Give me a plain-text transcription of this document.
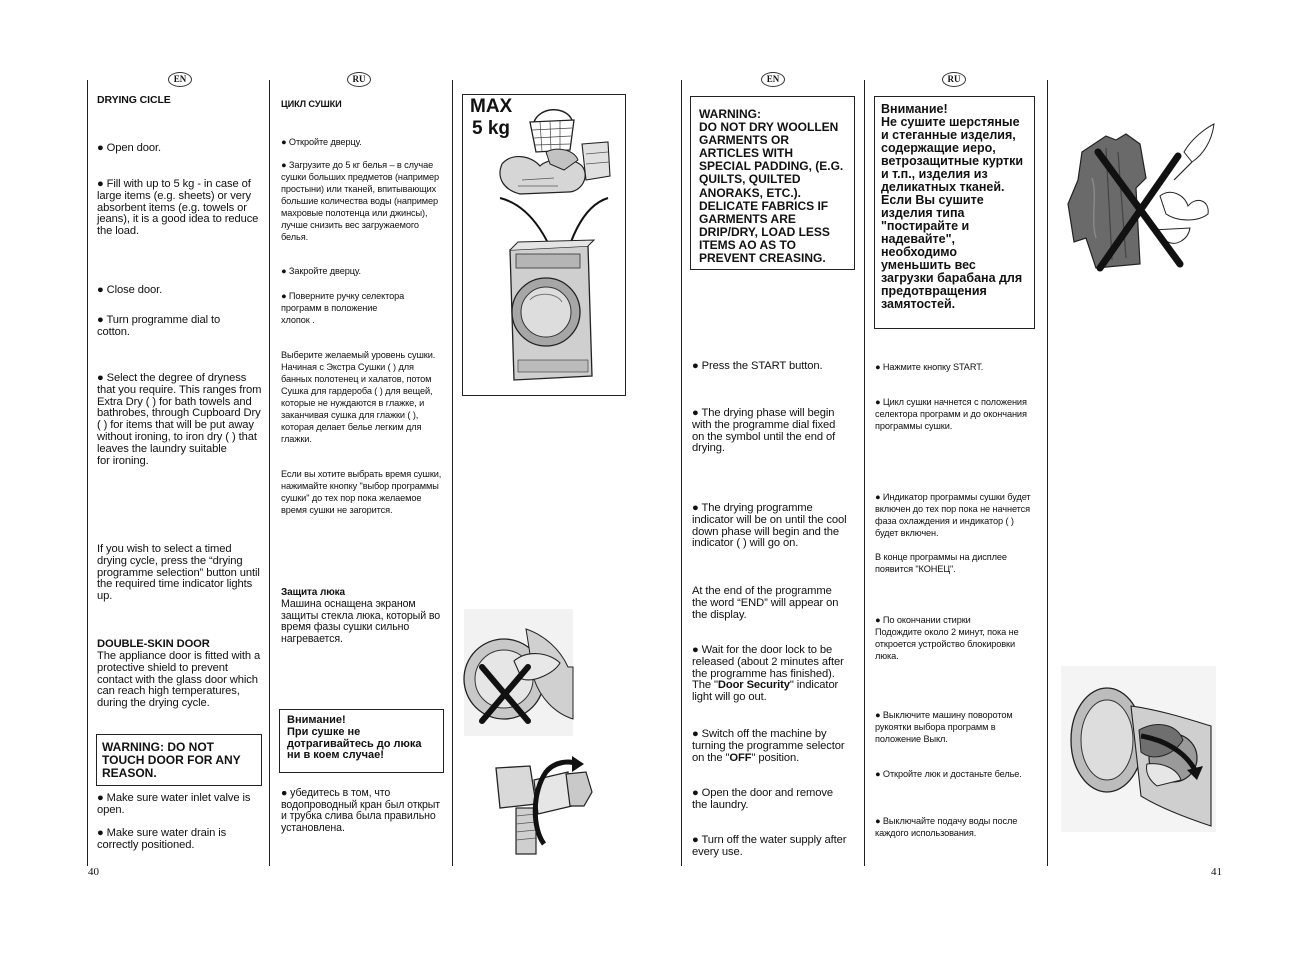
EN
DRYING CICLE
● Open door.
● Fill with up to 5 kg - in case of large items (e.g. sheets) or very absorbent items (e.g. towels or jeans), it is a good idea to reduce the load.
● Close door.
● Turn programme dial to
cotton.
● Select the degree of dryness that you require. This ranges from Extra Dry ( ) for bath towels and bathrobes, through Cupboard Dry ( ) for items that will be put away without ironing, to iron dry ( ) that leaves the laundry suitable
for ironing.
If you wish to select a timed drying cycle, press the “drying programme selection” button until the required time indicator lights up.
DOUBLE-SKIN DOOR
The appliance door is fitted with a protective shield to prevent contact with the glass door which can reach high temperatures, during the drying cycle.
WARNING: DO NOT TOUCH DOOR FOR ANY REASON.
● Make sure water inlet valve is open.
● Make sure water drain is correctly positioned.
40
RU
ЦИКЛ СУШКИ
● Откройте дверцу.
● Загрузите до 5 кг белья – в случае сушки больших предметов (например простыни) или тканей, впитывающих большие количества воды (например махровые полотенца или джинсы), лучше снизить вес загружаемого белья.
● Закройте дверцу.
● Поверните ручку селектора программ в положение
хлопок .
Выберите желаемый уровень сушки.
Начиная с Экстра Сушки ( ) для банных полотенец и халатов, потом Сушка для гардероба ( ) для вещей, которые не нуждаются в глажке, и заканчивая сушка для глажки ( ), которая делает белье легким для глажки.
Если вы хотите выбрать время сушки, нажимайте кнопку "выбор программы сушки" до тех пор пока желаемое время сушки не загорится.
Защита люка
Машина оснащена экраном защиты стекла люка, который во время фазы сушки сильно нагревается.
Внимание!
При сушке не дотрагивайтесь до люка ни в коем случае!
● убедитесь в том, что водопроводный кран был открыт и трубка слива была правильно установлена.
MAX
5 kg
EN
WARNING:
DO NOT DRY WOOLLEN GARMENTS OR ARTICLES WITH SPECIAL PADDING, (E.G. QUILTS, QUILTED ANORAKS, ETC.). DELICATE FABRICS IF GARMENTS ARE DRIP/DRY, LOAD LESS ITEMS AO AS TO PREVENT CREASING.
● Press the START button.
● The drying phase will begin with the programme dial fixed on the symbol until the end of drying.
● The drying programme indicator will be on until the cool down phase will begin and the indicator ( ) will go on.
At the end of the programme the word “END” will appear on the display.
● Wait for the door lock to be released (about 2 minutes after the programme has finished). The "Door Security" indicator light will go out.
● Switch off the machine by turning the programme selector on the "OFF" position.
● Open the door and remove the laundry.
● Turn off the water supply after every use.
RU
Внимание!
Не сушите шерстяные и стеганные изделия, содержащие иеро, ветрозащитные куртки и т.п., изделия из деликатных тканей. Если Вы сушите изделия типа "постирайте и надевайте", необходимо уменьшить вес загрузки барабана для предотвращения замятостей.
● Нажмите кнопку START.
● Цикл сушки начнется с положения селектора программ и до окончания программы сушки.
● Индикатор программы сушки будет включен до тех пор пока не начнется фаза охлаждения и индикатор ( ) будет включен.
В конце программы на дисплее появится "КОНЕЦ".
● По окончании стирки
Подождите около 2 минут, пока не откроется устройство блокировки люка.
● Выключите машину поворотом рукоятки выбора программ в положение Выкл.
● Откройте люк и достаньте белье.
● Выключайте подачу воды после каждого использования.
41
